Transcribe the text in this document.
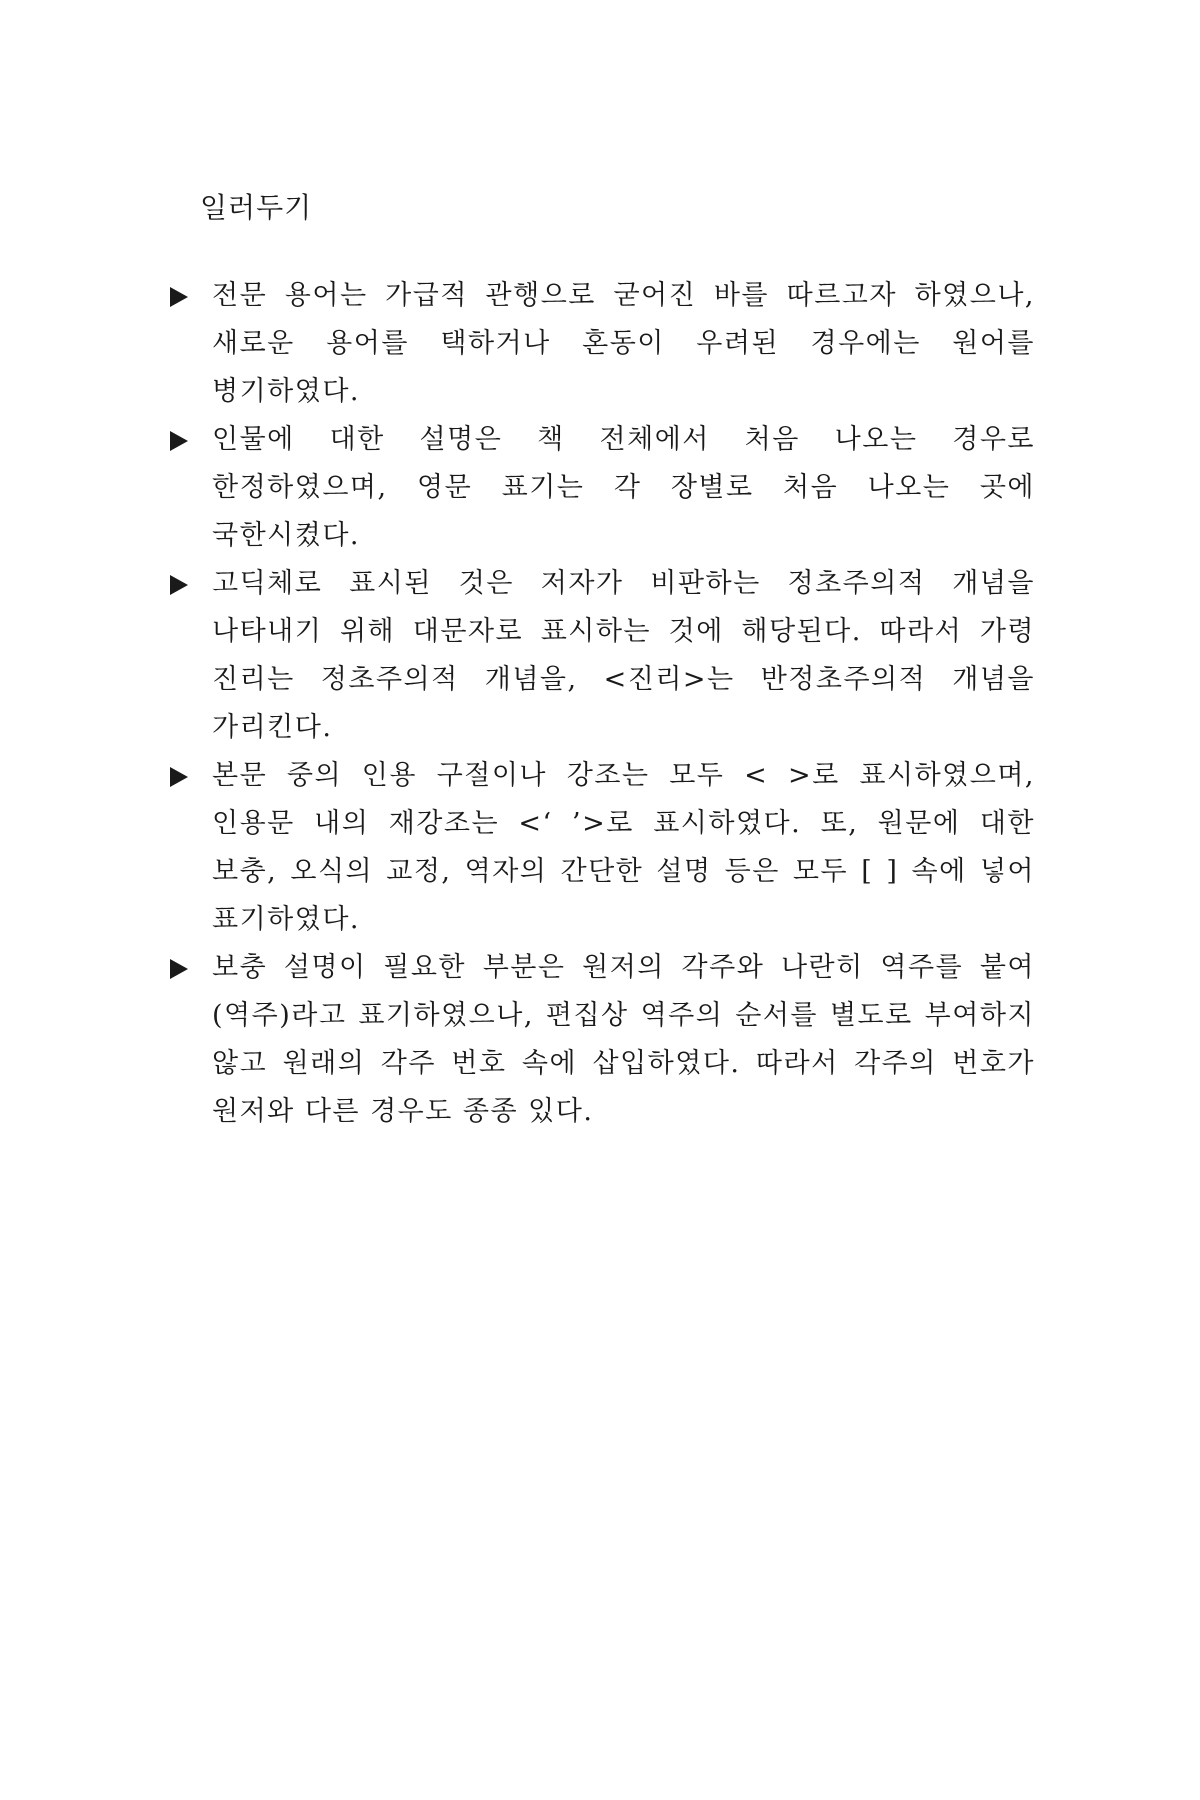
일러두기
전문 용어는 가급적 관행으로 굳어진 바를 따르고자 하였으나, 새로운 용어를 택하거나 혼동이 우려된 경우에는 원어를 병기하였다.
인물에 대한 설명은 책 전체에서 처음 나오는 경우로 한정하였으며, 영문 표기는 각 장별로 처음 나오는 곳에 국한시켰다.
고딕체로 표시된 것은 저자가 비판하는 정초주의적 개념을 나타내기 위해 대문자로 표시하는 것에 해당된다. 따라서 가령 진리는 정초주의적 개념을, <진리>는 반정초주의적 개념을 가리킨다.
본문 중의 인용 구절이나 강조는 모두 < >로 표시하였으며, 인용문 내의 재강조는 <‘ ’>로 표시하였다. 또, 원문에 대한 보충, 오식의 교정, 역자의 간단한 설명 등은 모두 [ ] 속에 넣어 표기하였다.
보충 설명이 필요한 부분은 원저의 각주와 나란히 역주를 붙여 (역주)라고 표기하였으나, 편집상 역주의 순서를 별도로 부여하지 않고 원래의 각주 번호 속에 삽입하였다. 따라서 각주의 번호가 원저와 다른 경우도 종종 있다.
